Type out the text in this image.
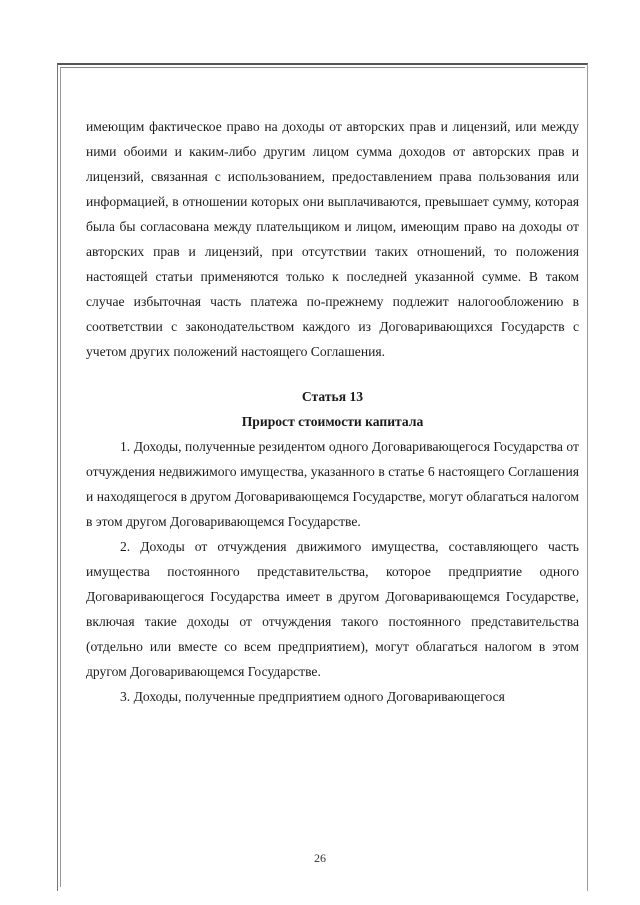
имеющим фактическое право на доходы от авторских прав и лицензий, или между ними обоими и каким-либо другим лицом сумма доходов от авторских прав и лицензий, связанная с использованием, предоставлением права пользования или информацией, в отношении которых они выплачиваются, превышает сумму, которая была бы согласована между плательщиком и лицом, имеющим право на доходы от авторских прав и лицензий, при отсутствии таких отношений, то положения настоящей статьи применяются только к последней указанной сумме. В таком случае избыточная часть платежа по-прежнему подлежит налогообложению в соответствии с законодательством каждого из Договаривающихся Государств с учетом других положений настоящего Соглашения.

Статья 13

Прирост стоимости капитала

1. Доходы, полученные резидентом одного Договаривающегося Государства от отчуждения недвижимого имущества, указанного в статье 6 настоящего Соглашения и находящегося в другом Договаривающемся Государстве, могут облагаться налогом в этом другом Договаривающемся Государстве.

2. Доходы от отчуждения движимого имущества, составляющего часть имущества постоянного представительства, которое предприятие одного Договаривающегося Государства имеет в другом Договаривающемся Государстве, включая такие доходы от отчуждения такого постоянного представительства (отдельно или вместе со всем предприятием), могут облагаться налогом в этом другом Договаривающемся Государстве.

3. Доходы, полученные предприятием одного Договаривающегося

26
